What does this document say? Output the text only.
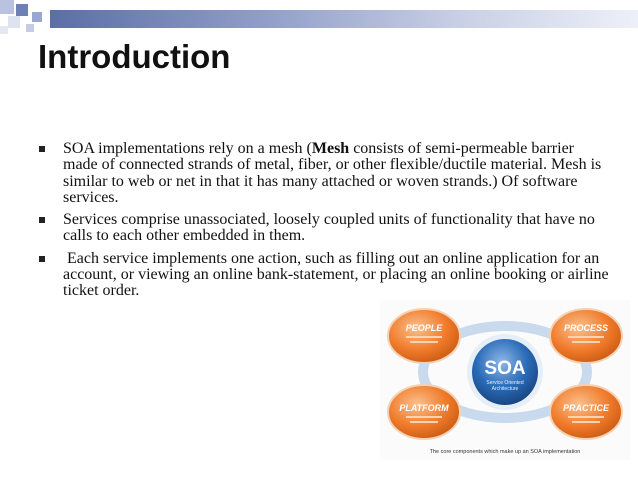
Introduction
SOA implementations rely on a mesh (Mesh consists of semi-permeable barrier made of connected strands of metal, fiber, or other flexible/ductile material. Mesh is similar to web or net in that it has many attached or woven strands.) Of software services.
Services comprise unassociated, loosely coupled units of functionality that have no calls to each other embedded in them.
Each service implements one action, such as filling out an online application for an account, or viewing an online bank-statement, or placing an online booking or airline ticket order.
SOA
Service Oriented
Architecture
PEOPLE	PROCESS
PLATFORM	PRACTICE
The core components which make up an SOA implementation
